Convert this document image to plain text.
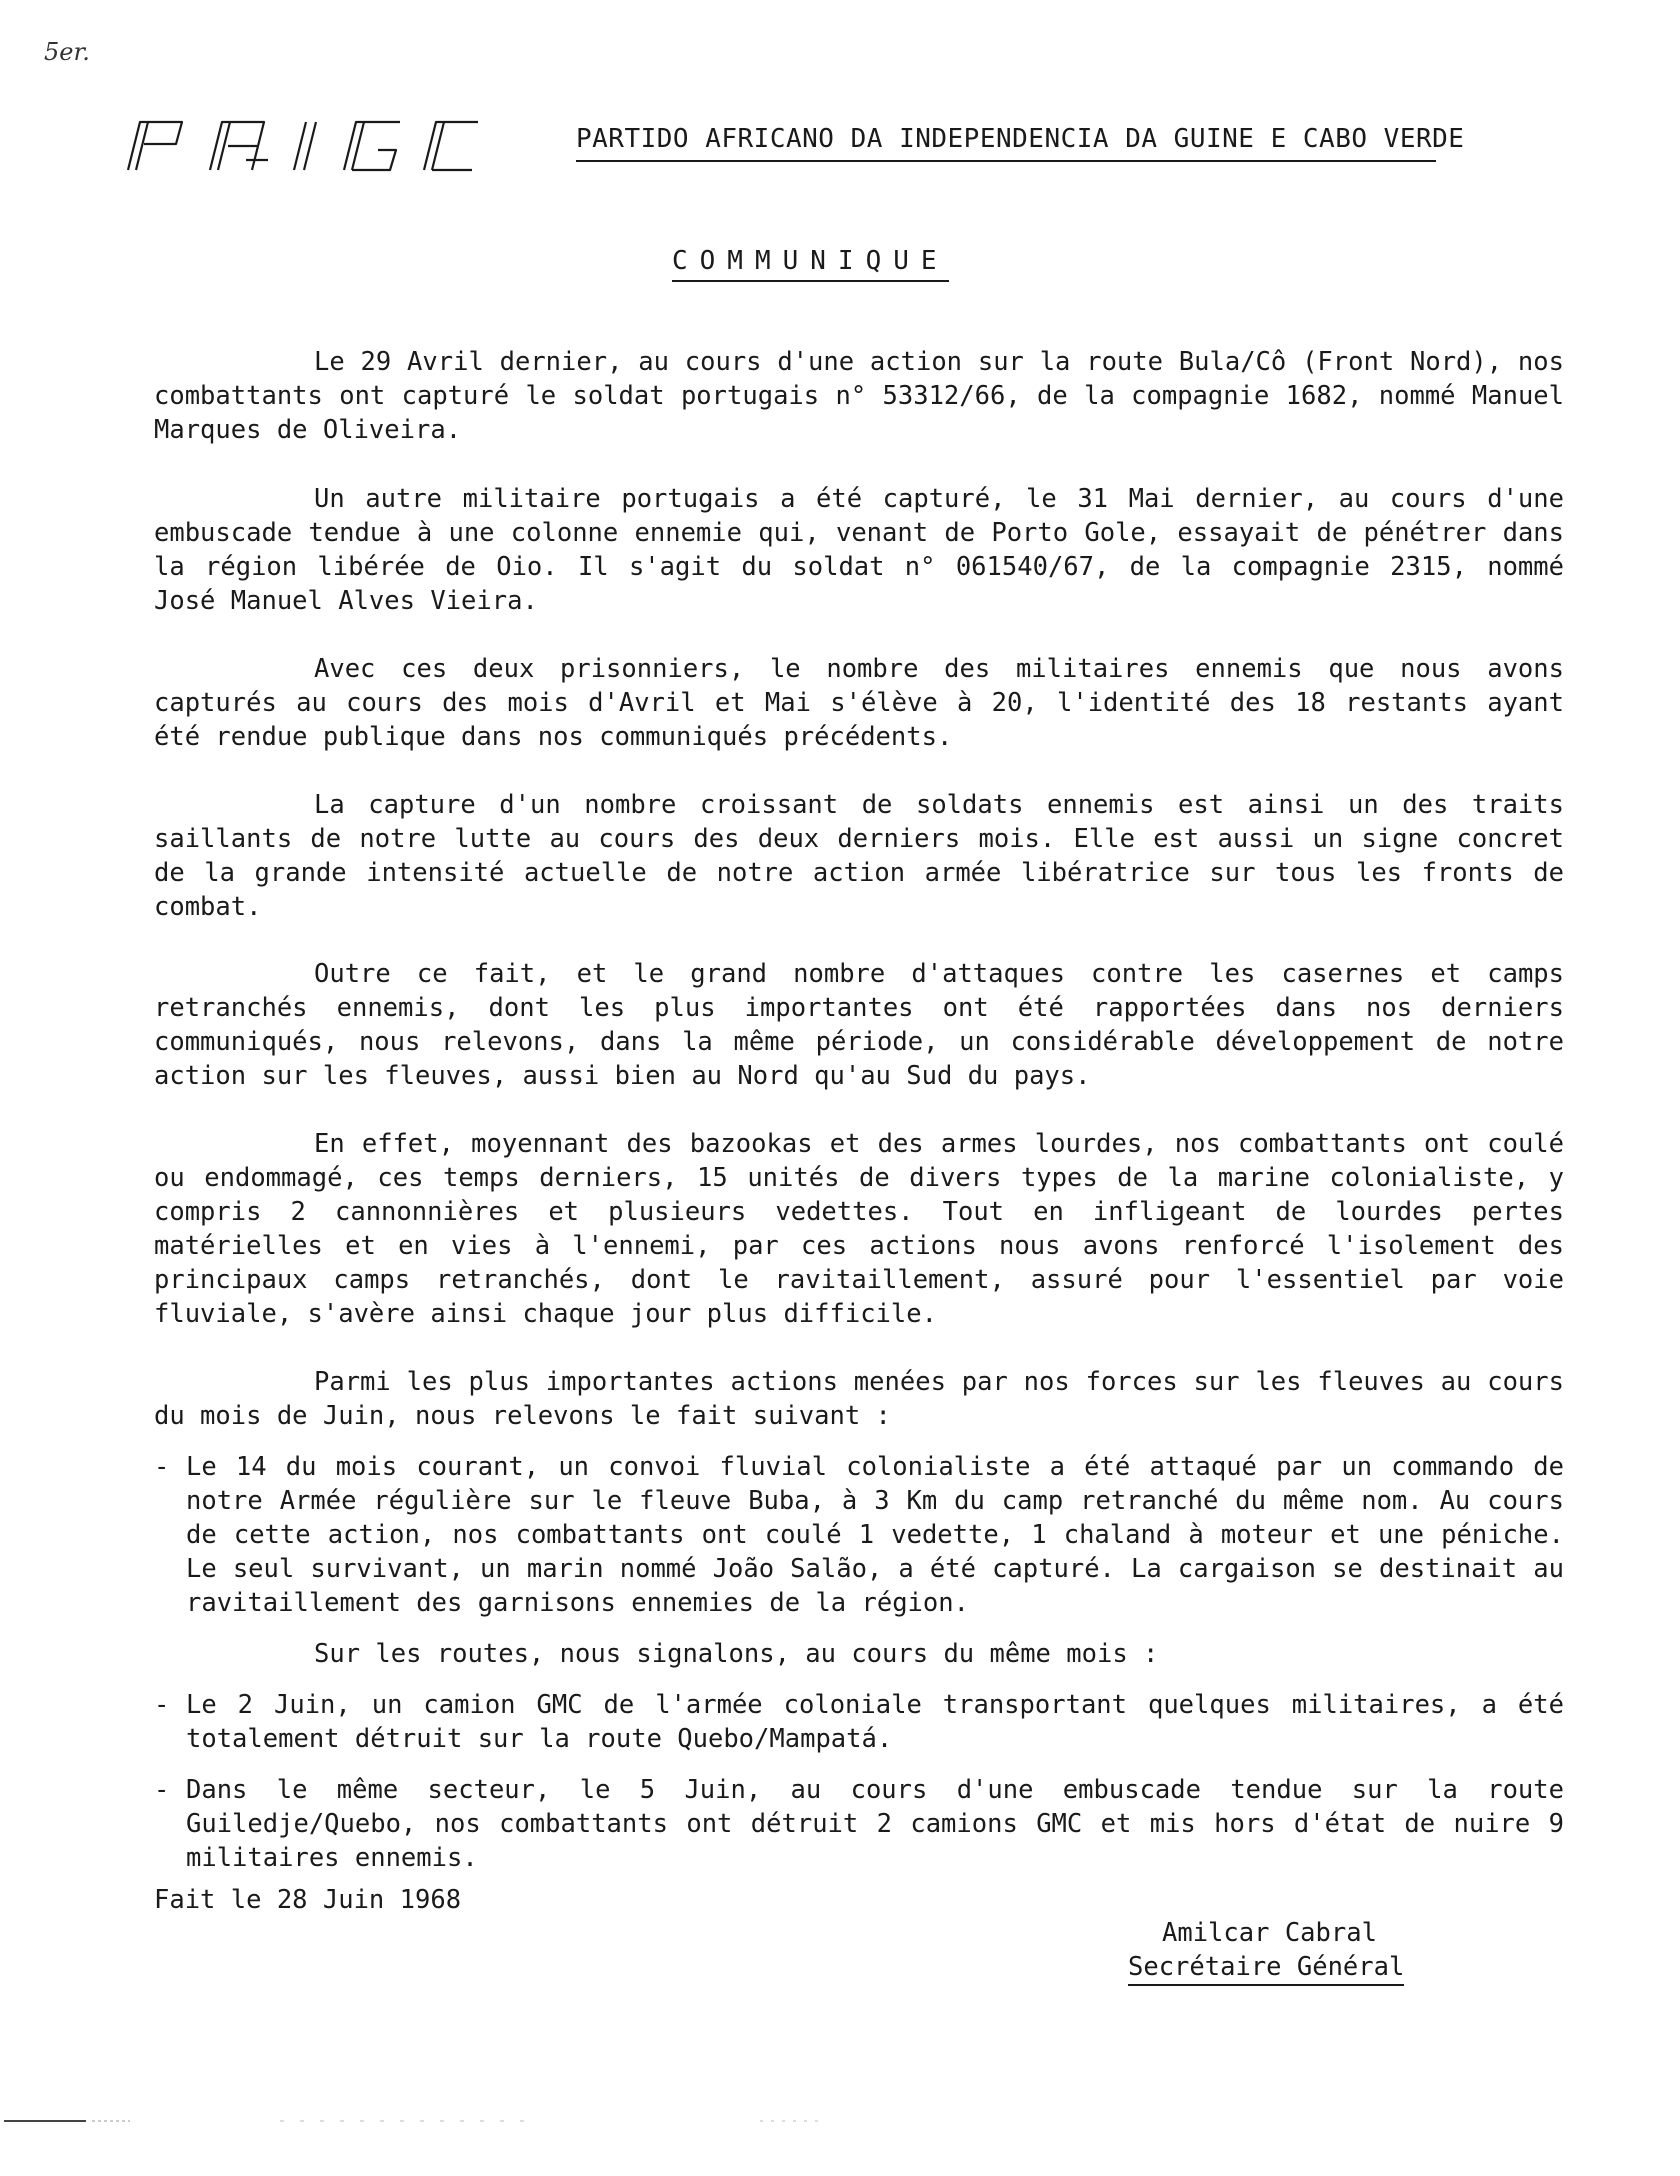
5er.
PARTIDO AFRICANO DA INDEPENDENCIA DA GUINE E CABO VERDE
COMMUNIQUE
Le 29 Avril dernier, au cours d'une action sur la route Bula/Cô (Front Nord), nos combattants ont capturé le soldat portugais n° 53312/66, de la compagnie 1682, nommé Manuel Marques de Oliveira.
Un autre militaire portugais a été capturé, le 31 Mai dernier, au cours d'une embuscade tendue à une colonne ennemie qui, venant de Porto Gole, essayait de pénétrer dans la région libérée de Oio. Il s'agit du soldat n° 061540/67, de la compagnie 2315, nommé José Manuel Alves Vieira.
Avec ces deux prisonniers, le nombre des militaires ennemis que nous avons capturés au cours des mois d'Avril et Mai s'élève à 20, l'identité des 18 restants ayant été rendue publique dans nos communiqués précédents.
La capture d'un nombre croissant de soldats ennemis est ainsi un des traits saillants de notre lutte au cours des deux derniers mois. Elle est aussi un signe concret de la grande intensité actuelle de notre action armée libératrice sur tous les fronts de combat.
Outre ce fait, et le grand nombre d'attaques contre les casernes et camps retranchés ennemis, dont les plus importantes ont été rapportées dans nos derniers communiqués, nous relevons, dans la même période, un considérable développement de notre action sur les fleuves, aussi bien au Nord qu'au Sud du pays.
En effet, moyennant des bazookas et des armes lourdes, nos combattants ont coulé ou endommagé, ces temps derniers, 15 unités de divers types de la marine colonialiste, y compris 2 cannonnières et plusieurs vedettes. Tout en infligeant de lourdes pertes matérielles et en vies à l'ennemi, par ces actions nous avons renforcé l'isolement des principaux camps retranchés, dont le ravitaillement, assuré pour l'essentiel par voie fluviale, s'avère ainsi chaque jour plus difficile.
Parmi les plus importantes actions menées par nos forces sur les fleuves au cours du mois de Juin, nous relevons le fait suivant :
- Le 14 du mois courant, un convoi fluvial colonialiste a été attaqué par un commando de notre Armée régulière sur le fleuve Buba, à 3 Km du camp retranché du même nom. Au cours de cette action, nos combattants ont coulé 1 vedette, 1 chaland à moteur et une péniche. Le seul survivant, un marin nommé João Salão, a été capturé. La cargaison se destinait au ravitaillement des garnisons ennemies de la région.
Sur les routes, nous signalons, au cours du même mois :
- Le 2 Juin, un camion GMC de l'armée coloniale transportant quelques militaires, a été totalement détruit sur la route Quebo/Mampatá.
- Dans le même secteur, le 5 Juin, au cours d'une embuscade tendue sur la route Guiledje/Quebo, nos combattants ont détruit 2 camions GMC et mis hors d'état de nuire 9 militaires ennemis.
Fait le 28 Juin 1968
Amilcar Cabral
Secrétaire Général
